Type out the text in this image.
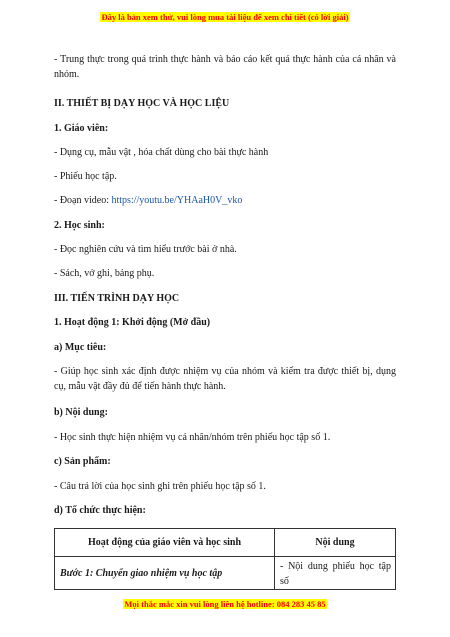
Đây là bản xem thử, vui lòng mua tài liệu để xem chi tiết (có lời giải)

- Trung thực trong quá trình thực hành và báo cáo kết quả thực hành của cá nhân và nhóm.

II. THIẾT BỊ DẠY HỌC VÀ HỌC LIỆU

1. Giáo viên:

- Dụng cụ, mẫu vật , hóa chất dùng cho bài thực hành

- Phiếu học tập.

- Đoạn video: https://youtu.be/YHAaH0V_vko

2. Học sinh:

- Đọc nghiên cứu và tìm hiểu trước bài ở nhà.

- Sách, vở ghi, bảng phụ.

III. TIẾN TRÌNH DẠY HỌC

1. Hoạt động 1: Khởi động (Mở đầu)

a) Mục tiêu:

- Giúp học sinh xác định được nhiệm vụ của nhóm và kiểm tra được thiết bị, dụng cụ, mẫu vật đầy đủ để tiến hành thực hành.

b) Nội dung:

- Học sinh thực hiện nhiệm vụ cá nhân/nhóm trên phiếu học tập số 1.

c) Sản phẩm:

- Câu trả lời của học sinh ghi trên phiếu học tập số 1.

d) Tổ chức thực hiện:

Hoạt động của giáo viên và học sinh	Nội dung
Bước 1: Chuyển giao nhiệm vụ học tập	- Nội dung phiếu học tập số
Mọi thắc mắc xin vui lòng liên hệ hotline: 084 283 45 85
